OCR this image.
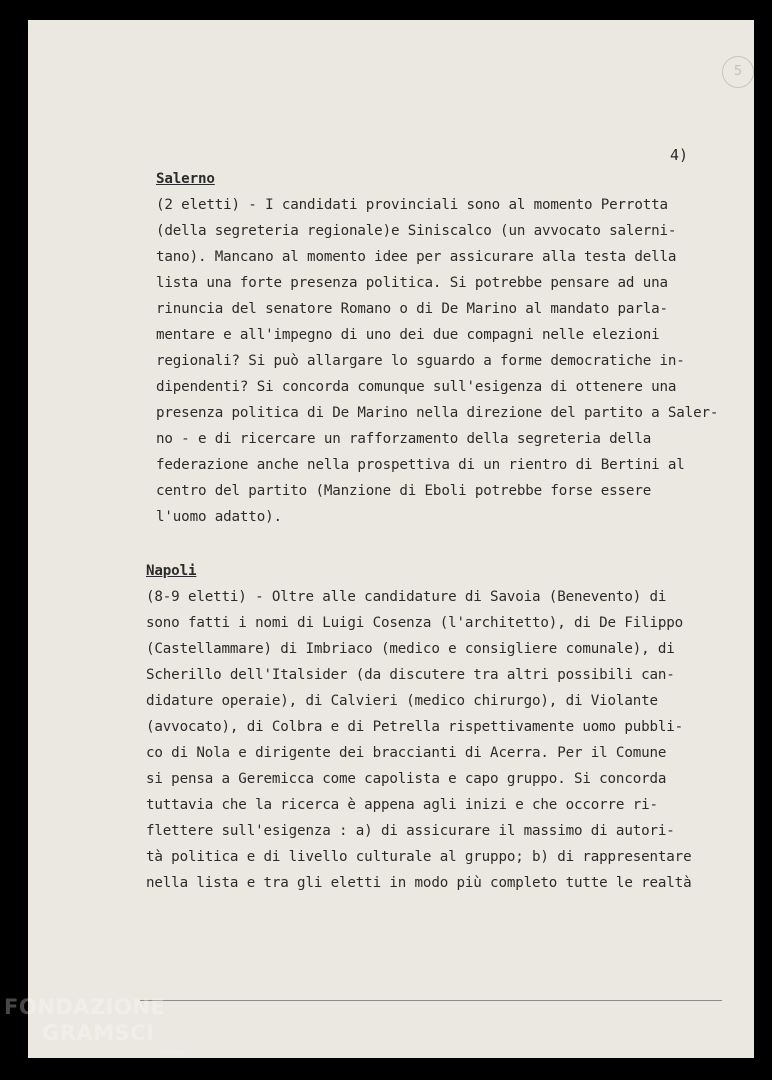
5
4)

Salerno

(2 eletti) - I candidati provinciali sono al momento Perrotta

(della segreteria regionale)e Siniscalco (un avvocato salerni-

tano). Mancano al momento idee per assicurare alla testa della

lista una forte presenza politica. Si potrebbe pensare ad una

rinuncia del senatore Romano o di De Marino al mandato parla-

mentare e all'impegno di uno dei due compagni nelle elezioni

regionali? Si può allargare lo sguardo a forme democratiche in-

dipendenti? Si concorda comunque sull'esigenza di ottenere una

presenza politica di De Marino nella direzione del partito a Saler-

no - e di ricercare un rafforzamento della segreteria della

federazione anche nella prospettiva di un rientro di Bertini al

centro del partito (Manzione di Eboli potrebbe forse essere

l'uomo adatto).

Napoli

(8-9 eletti) - Oltre alle candidature di Savoia (Benevento) di

sono fatti i nomi di Luigi Cosenza (l'architetto), di De Filippo

(Castellammare) di Imbriaco (medico e consigliere comunale), di

Scherillo dell'Italsider (da discutere tra altri possibili can-

didature operaie), di Calvieri (medico chirurgo), di Violante

(avvocato), di Colbra e di Petrella rispettivamente uomo pubbli-

co di Nola e dirigente dei braccianti di Acerra. Per il Comune

si pensa a Geremicca come capolista e capo gruppo. Si concorda

tuttavia che la ricerca è appena agli inizi e che occorre ri-

flettere sull'esigenza : a) di assicurare il massimo di autori-

tà politica e di livello culturale al gruppo; b) di rappresentare

nella lista e tra gli eletti in modo più completo tutte le realtà

FONDAZIONE
GRAMSCI
onlus
